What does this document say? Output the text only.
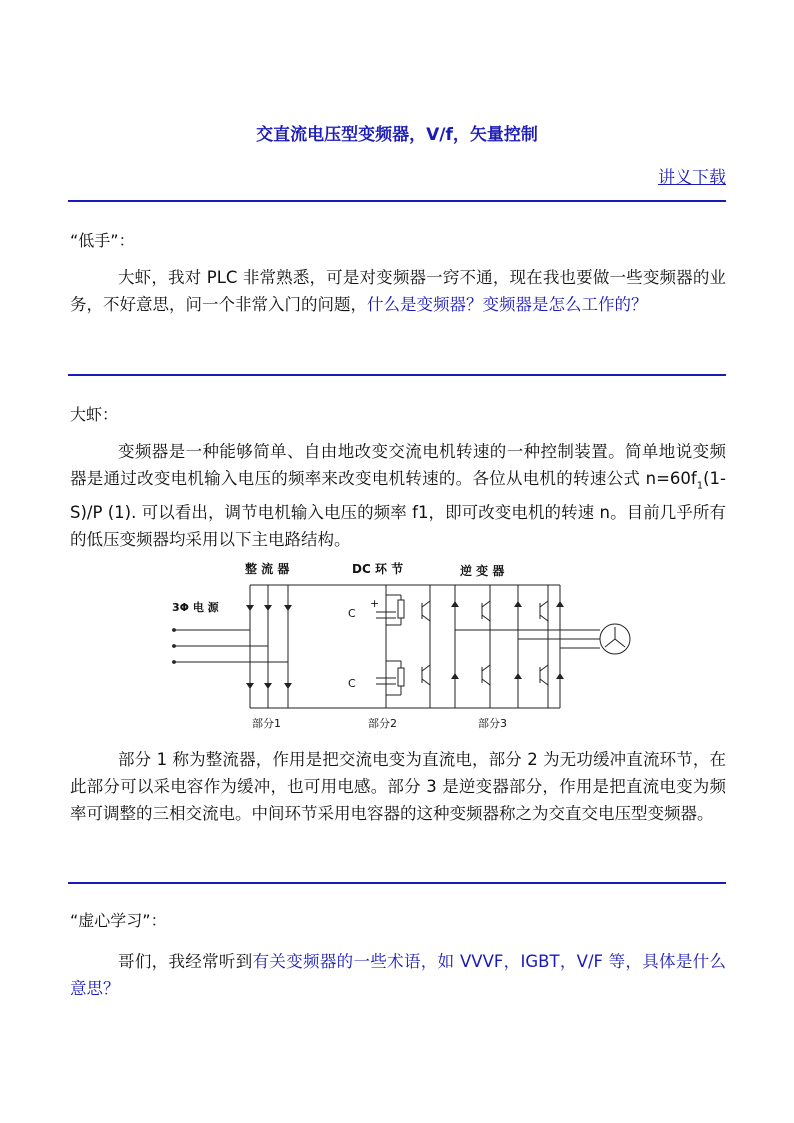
交直流电压型变频器，V/f，矢量控制
讲义下载
“低手”：

大虾，我对 PLC 非常熟悉，可是对变频器一窍不通，现在我也要做一些变频器的业务，不好意思，问一个非常入门的问题，什么是变频器？变频器是怎么工作的？

大虾：

变频器是一种能够简单、自由地改变交流电机转速的一种控制装置。简单地说变频器是通过改变电机输入电压的频率来改变电机转速的。各位从电机的转速公式 $n=60f_1(1-S)/P$ (1). 可以看出，调节电机输入电压的频率 f1，即可改变电机的转速 n。目前几乎所有的低压变频器均采用以下主电路结构。

整 流 器	DC 环 节	逆 变 器
3Φ 电 源	C
C
+
部分1	部分2	部分3

部分 1 称为整流器，作用是把交流电变为直流电，部分 2 为无功缓冲直流环节，在此部分可以采电容作为缓冲，也可用电感。部分 3 是逆变器部分，作用是把直流电变为频率可调整的三相交流电。中间环节采用电容器的这种变频器称之为交直交电压型变频器。

“虚心学习”：

哥们，我经常听到有关变频器的一些术语，如 VVVF，IGBT，V/F 等，具体是什么意思？
